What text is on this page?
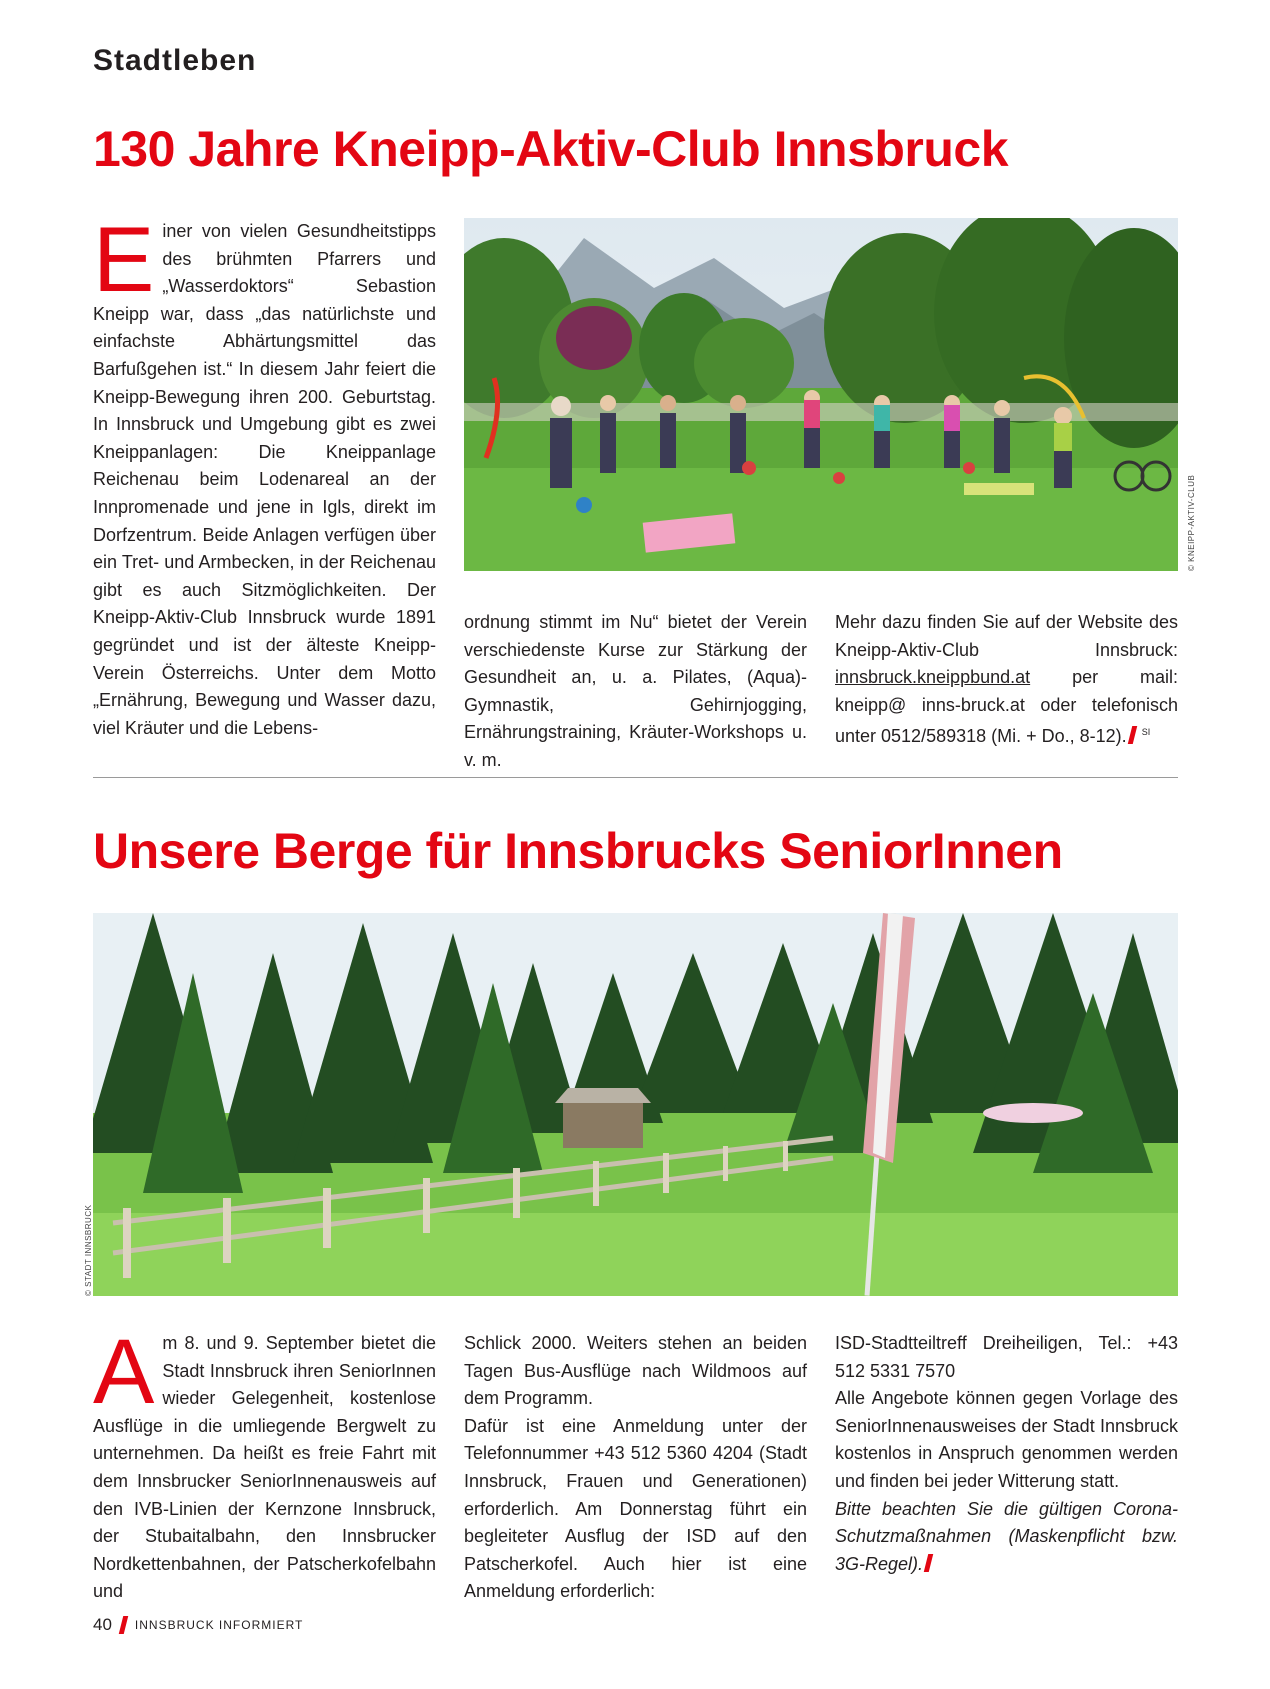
Stadtleben
130 Jahre Kneipp-Aktiv-Club Innsbruck

Einer von vielen Gesundheitstipps des brühmten Pfarrers und „Wasserdoktors“ Sebastion Kneipp war, dass „das natürlichste und einfachste Abhärtungsmittel das Barfußgehen ist.“ In diesem Jahr feiert die Kneipp-Bewegung ihren 200. Geburtstag. In Innsbruck und Umgebung gibt es zwei Kneippanlagen: Die Kneippanlage Reichenau beim Lodenareal an der Innpromenade und jene in Igls, direkt im Dorfzentrum. Beide Anlagen verfügen über ein Tret- und Armbecken, in der Reichenau gibt es auch Sitzmöglichkeiten. Der Kneipp-Aktiv-Club Innsbruck wurde 1891 gegründet und ist der älteste Kneipp-Verein Österreichs. Unter dem Motto „Ernährung, Bewegung und Wasser dazu, viel Kräuter und die Lebens-

© KNEIPP-AKTIV-CLUB

ordnung stimmt im Nu“ bietet der Verein verschiedenste Kurse zur Stärkung der Gesundheit an, u. a. Pilates, (Aqua)-Gymnastik, Gehirnjogging, Ernährungstraining, Kräuter-Workshops u. v. m.

Mehr dazu finden Sie auf der Website des Kneipp-Aktiv-Club Innsbruck: innsbruck.kneippbund.at per mail: kneipp@ inns-bruck.at oder telefonisch unter 0512/589318 (Mi. + Do., 8-12). $^{SI}$

Unsere Berge für Innsbrucks SeniorInnen
© STADT INNSBRUCK

Am 8. und 9. September bietet die Stadt Innsbruck ihren SeniorInnen wieder Gelegenheit, kostenlose Ausflüge in die umliegende Bergwelt zu unternehmen. Da heißt es freie Fahrt mit dem Innsbrucker SeniorInnenausweis auf den IVB-Linien der Kernzone Innsbruck, der Stubaitalbahn, den Innsbrucker Nordkettenbahnen, der Patscherkofelbahn und

Schlick 2000. Weiters stehen an beiden Tagen Bus-Ausflüge nach Wildmoos auf dem Programm.

Dafür ist eine Anmeldung unter der Telefonnummer +43 512 5360 4204 (Stadt Innsbruck, Frauen und Generationen) erforderlich. Am Donnerstag führt ein begleiteter Ausflug der ISD auf den Patscherkofel. Auch hier ist eine Anmeldung erforderlich:

ISD-Stadtteiltreff Dreiheiligen, Tel.: +43 512 5331 7570

Alle Angebote können gegen Vorlage des SeniorInnenausweises der Stadt Innsbruck kostenlos in Anspruch genommen werden und finden bei jeder Witterung statt.

Bitte beachten Sie die gültigen Corona-Schutzmaßnahmen (Maskenpflicht bzw. 3G-Regel).

40 INNSBRUCK INFORMIERT
